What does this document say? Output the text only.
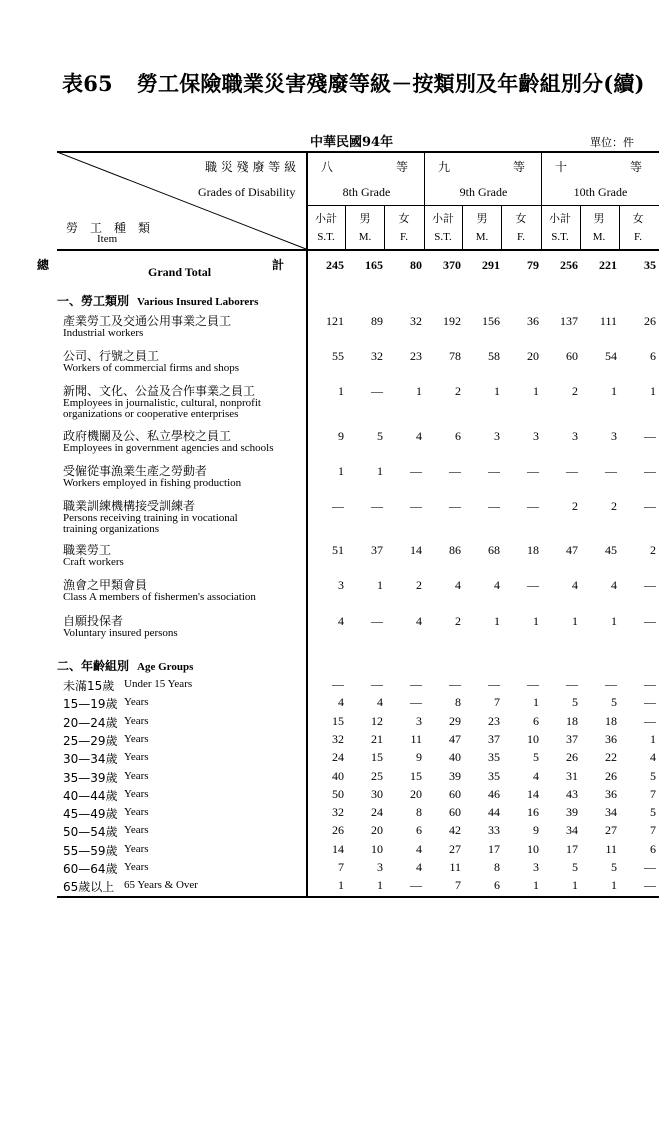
表65 勞工保險職業災害殘廢等級－按類別及年齡組別分(續)
中華民國94年	單位：件
職 災 殘 廢 等 級
Grades of Disability
勞　工　種　類
Item
八	等
8th Grade
九	等
9th Grade
十	等
10th Grade
小計
S.T.
男
M.
女
F.
小計
S.T.
男
M.
女
F.
小計
S.T.
男
M.
女
F.
總	計
Grand Total	245	165	80	370	291	79	256	221	35
一、勞工類別 Various Insured Laborers
產業勞工及交通公用事業之員工
Industrial workers
121	89	32	192	156	36	137	111	26
公司、行號之員工
Workers of commercial firms and shops
55	32	23	78	58	20	60	54	6
新聞、文化、公益及合作事業之員工
Employees in journalistic, cultural, nonprofit
organizations or cooperative enterprises
1	—	1	2	1	1	2	1	1
政府機關及公、私立學校之員工
Employees in government agencies and schools
9	5	4	6	3	3	3	3	—
受僱從事漁業生產之勞動者
Workers employed in fishing production
1	1	—	—	—	—	—	—	—
職業訓練機構接受訓練者
Persons receiving training in vocational
training organizations
—	—	—	—	—	—	2	2	—
職業勞工
Craft workers
51	37	14	86	68	18	47	45	2
漁會之甲類會員
Class A members of fishermen's association
3	1	2	4	4	—	4	4	—
自願投保者
Voluntary insured persons
4	—	4	2	1	1	1	1	—
二、年齡組別 Age Groups
未滿15歲 Under 15 Years	—	—	—	—	—	—	—	—	—
15—19歲 Years	4	4	—	8	7	1	5	5	—
20—24歲 Years	15	12	3	29	23	6	18	18	—
25—29歲 Years	32	21	11	47	37	10	37	36	1
30—34歲 Years	24	15	9	40	35	5	26	22	4
35—39歲 Years	40	25	15	39	35	4	31	26	5
40—44歲 Years	50	30	20	60	46	14	43	36	7
45—49歲 Years	32	24	8	60	44	16	39	34	5
50—54歲 Years	26	20	6	42	33	9	34	27	7
55—59歲 Years	14	10	4	27	17	10	17	11	6
60—64歲 Years	7	3	4	11	8	3	5	5	—
65歲以上 65 Years & Over	1	1	—	7	6	1	1	1	—
